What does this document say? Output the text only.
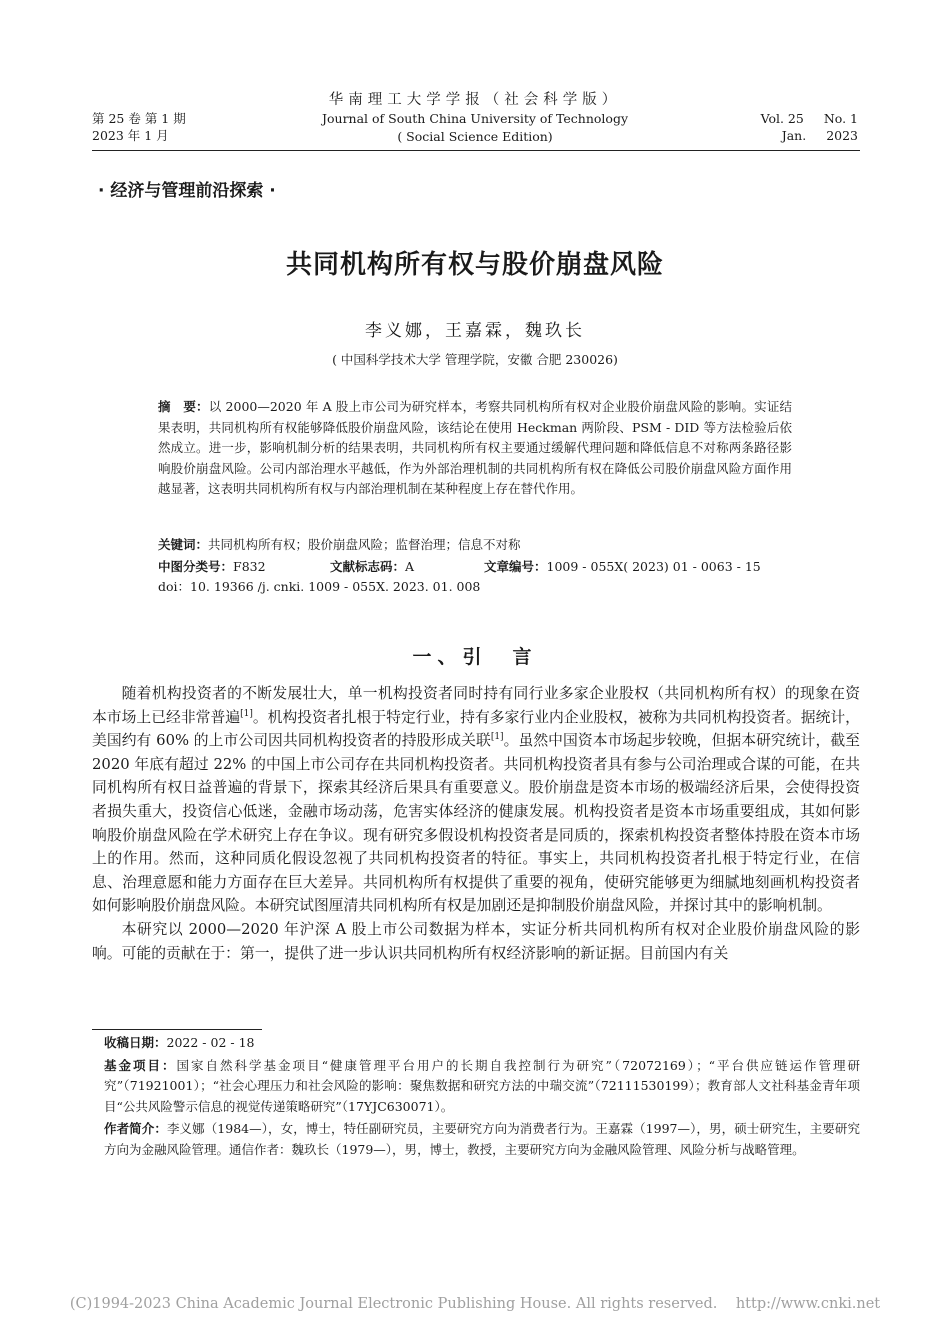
第 25 卷 第 1 期
2023 年 1 月
华南理工大学学报（社会科学版）
Journal of South China University of Technology
( Social Science Edition)
Vol. 25 No. 1
Jan. 2023
· 经济与管理前沿探索 ·
共同机构所有权与股价崩盘风险
李义娜，王嘉霖，魏玖长
( 中国科学技术大学 管理学院，安徽 合肥 230026)
摘　要：以 2000—2020 年 A 股上市公司为研究样本，考察共同机构所有权对企业股价崩盘风险的影响。实证结果表明，共同机构所有权能够降低股价崩盘风险，该结论在使用 Heckman 两阶段、PSM - DID 等方法检验后依然成立。进一步，影响机制分析的结果表明，共同机构所有权主要通过缓解代理问题和降低信息不对称两条路径影响股价崩盘风险。公司内部治理水平越低，作为外部治理机制的共同机构所有权在降低公司股价崩盘风险方面作用越显著，这表明共同机构所有权与内部治理机制在某种程度上存在替代作用。
关键词：共同机构所有权；股价崩盘风险；监督治理；信息不对称
中图分类号：F832	文献标志码：A	文章编号：1009 - 055X( 2023) 01 - 0063 - 15
doi：10. 19366 /j. cnki. 1009 - 055X. 2023. 01. 008
一、引　言

随着机构投资者的不断发展壮大，单一机构投资者同时持有同行业多家企业股权（共同机构所有权）的现象在资本市场上已经非常普遍[1]。机构投资者扎根于特定行业，持有多家行业内企业股权，被称为共同机构投资者。据统计，美国约有 60% 的上市公司因共同机构投资者的持股形成关联[1]。虽然中国资本市场起步较晚，但据本研究统计，截至 2020 年底有超过 22% 的中国上市公司存在共同机构投资者。共同机构投资者具有参与公司治理或合谋的可能，在共同机构所有权日益普遍的背景下，探索其经济后果具有重要意义。股价崩盘是资本市场的极端经济后果，会使得投资者损失重大，投资信心低迷，金融市场动荡，危害实体经济的健康发展。机构投资者是资本市场重要组成，其如何影响股价崩盘风险在学术研究上存在争议。现有研究多假设机构投资者是同质的，探索机构投资者整体持股在资本市场上的作用。然而，这种同质化假设忽视了共同机构投资者的特征。事实上，共同机构投资者扎根于特定行业，在信息、治理意愿和能力方面存在巨大差异。共同机构所有权提供了重要的视角，使研究能够更为细腻地刻画机构投资者如何影响股价崩盘风险。本研究试图厘清共同机构所有权是加剧还是抑制股价崩盘风险，并探讨其中的影响机制。

本研究以 2000—2020 年沪深 A 股上市公司数据为样本，实证分析共同机构所有权对企业股价崩盘风险的影响。可能的贡献在于：第一，提供了进一步认识共同机构所有权经济影响的新证据。目前国内有关

收稿日期：2022 - 02 - 18

基金项目：国家自然科学基金项目“健康管理平台用户的长期自我控制行为研究”（72072169）；“平台供应链运作管理研究”（71921001）；“社会心理压力和社会风险的影响：聚焦数据和研究方法的中瑞交流”（72111530199）；教育部人文社科基金青年项目“公共风险警示信息的视觉传递策略研究”（17YJC630071）。

作者简介：李义娜（1984—），女，博士，特任副研究员，主要研究方向为消费者行为。王嘉霖（1997—），男，硕士研究生，主要研究方向为金融风险管理。通信作者：魏玖长（1979—），男，博士，教授，主要研究方向为金融风险管理、风险分析与战略管理。

(C)1994-2023 China Academic Journal Electronic Publishing House. All rights reserved.    http://www.cnki.net
